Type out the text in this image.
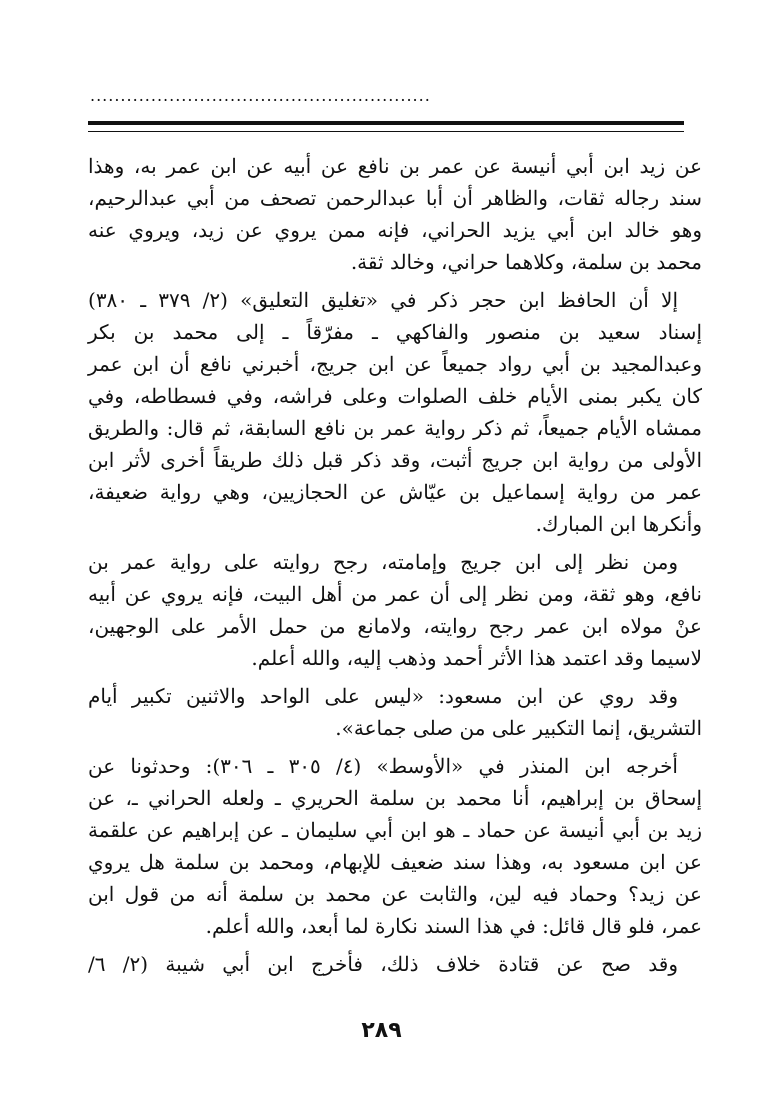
........................................................
عن زيد ابن أبي أنيسة عن عمر بن نافع عن أبيه عن ابن عمر به، وهذا
سند رجاله ثقات، والظاهر أن أبا عبدالرحمن تصحف من أبي عبدالرحيم،
وهو خالد ابن أبي يزيد الحراني، فإنه ممن يروي عن زيد، ويروي عنه
محمد بن سلمة، وكلاهما حراني، وخالد ثقة.
إلا أن الحافظ ابن حجر ذكر في «تغليق التعليق» (٢/ ٣٧٩ ـ ٣٨٠)
إسناد سعيد بن منصور والفاكهي ـ مفرّقاً ـ إلى محمد بن بكر
وعبدالمجيد بن أبي رواد جميعاً عن ابن جريج، أخبرني نافع أن ابن عمر
كان يكبر بمنى الأيام خلف الصلوات وعلى فراشه، وفي فسطاطه، وفي
ممشاه الأيام جميعاً، ثم ذكر رواية عمر بن نافع السابقة، ثم قال: والطريق
الأولى من رواية ابن جريج أثبت، وقد ذكر قبل ذلك طريقاً أخرى لأثر ابن
عمر من رواية إسماعيل بن عيّاش عن الحجازيين، وهي رواية ضعيفة،
وأنكرها ابن المبارك.
ومن نظر إلى ابن جريج وإمامته، رجح روايته على رواية عمر بن
نافع، وهو ثقة، ومن نظر إلى أن عمر من أهل البيت، فإنه يروي عن أبيه
عنْ مولاه ابن عمر رجح روايته، ولامانع من حمل الأمر على الوجهين،
لاسيما وقد اعتمد هذا الأثر أحمد وذهب إليه، والله أعلم.
وقد روي عن ابن مسعود: «ليس على الواحد والاثنين تكبير أيام
التشريق، إنما التكبير على من صلى جماعة».
أخرجه ابن المنذر في «الأوسط» (٤/ ٣٠٥ ـ ٣٠٦): وحدثونا عن
إسحاق بن إبراهيم، أنا محمد بن سلمة الحريري ـ ولعله الحراني ـ، عن
زيد بن أبي أنيسة عن حماد ـ هو ابن أبي سليمان ـ عن إبراهيم عن علقمة
عن ابن مسعود به، وهذا سند ضعيف للإبهام، ومحمد بن سلمة هل يروي
عن زيد؟ وحماد فيه لين، والثابت عن محمد بن سلمة أنه من قول ابن
عمر، فلو قال قائل: في هذا السند نكارة لما أبعد، والله أعلم.
وقد صح عن قتادة خلاف ذلك، فأخرج ابن أبي شيبة (٢/ ٦/
٢٨٩
